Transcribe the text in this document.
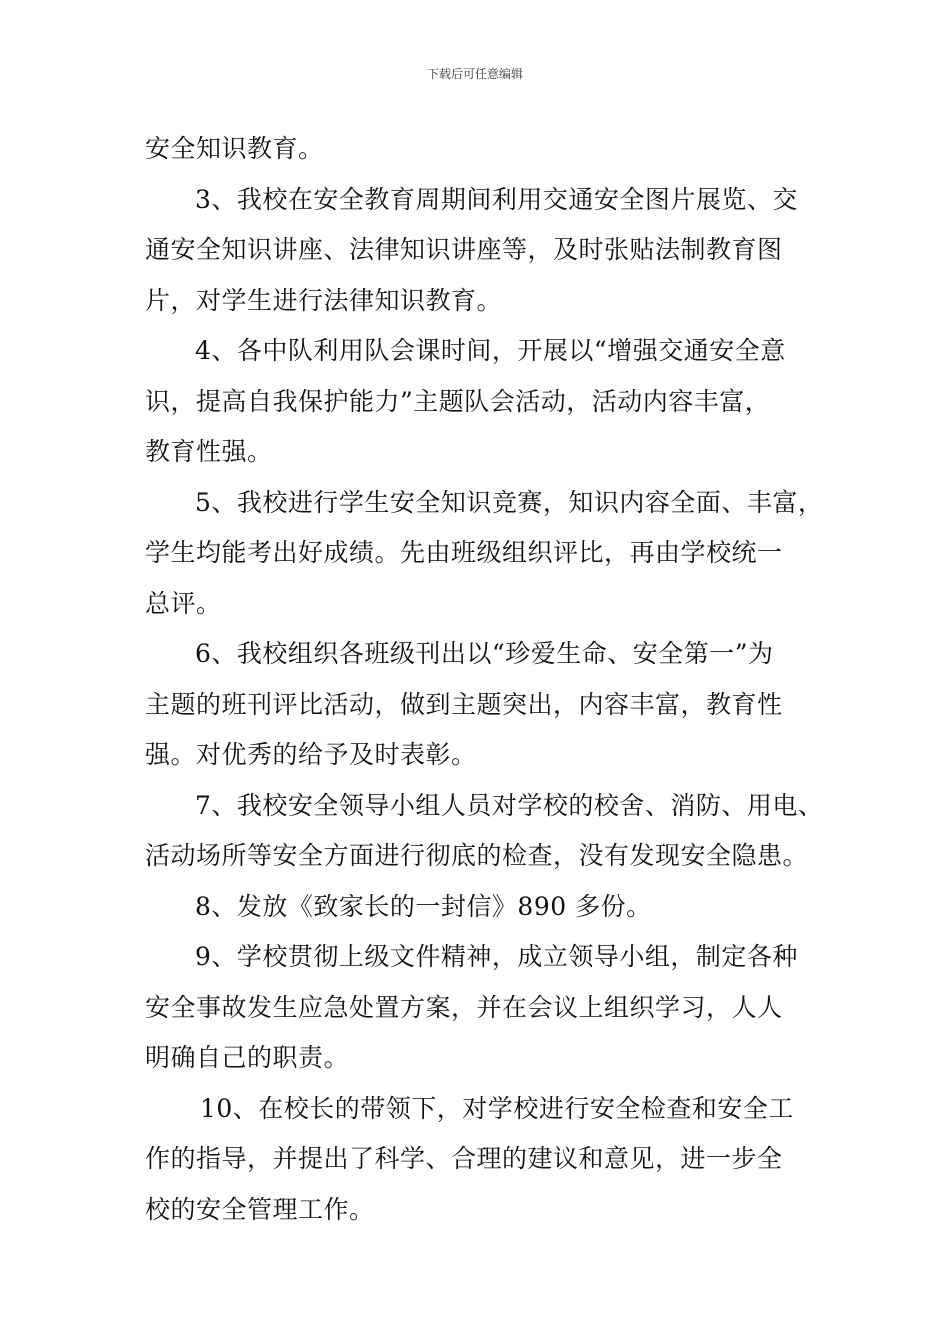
下载后可任意编辑

安全知识教育。

3、我校在安全教育周期间利用交通安全图片展览、交
通安全知识讲座、法律知识讲座等，及时张贴法制教育图
片，对学生进行法律知识教育。

4、各中队利用队会课时间，开展以“增强交通安全意
识，提高自我保护能力”主题队会活动，活动内容丰富，
教育性强。

5、我校进行学生安全知识竞赛，知识内容全面、丰富，
学生均能考出好成绩。先由班级组织评比，再由学校统一
总评。

6、我校组织各班级刊出以“珍爱生命、安全第一”为
主题的班刊评比活动，做到主题突出，内容丰富，教育性
强。对优秀的给予及时表彰。

7、我校安全领导小组人员对学校的校舍、消防、用电、
活动场所等安全方面进行彻底的检查，没有发现安全隐患。

8、发放《致家长的一封信》890 多份。

9、学校贯彻上级文件精神，成立领导小组，制定各种
安全事故发生应急处置方案，并在会议上组织学习，人人
明确自己的职责。

10、在校长的带领下，对学校进行安全检查和安全工
作的指导，并提出了科学、合理的建议和意见，进一步全
校的安全管理工作。
